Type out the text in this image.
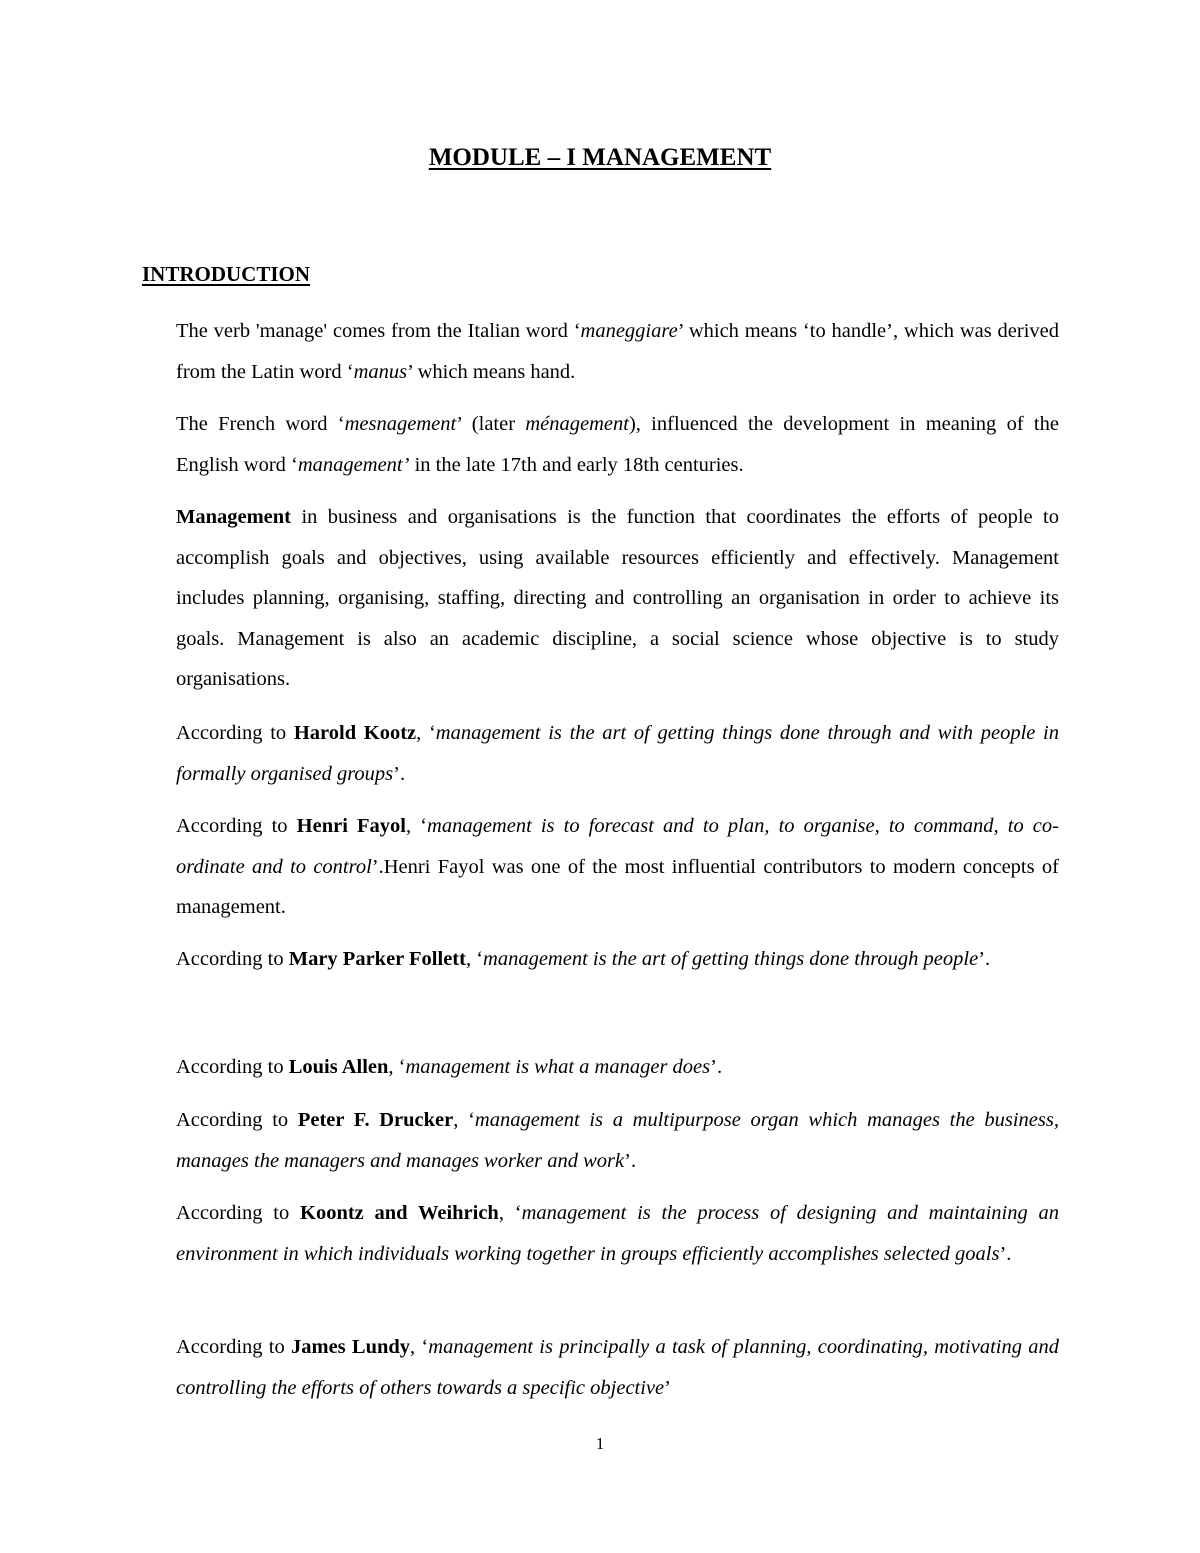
MODULE – I MANAGEMENT
INTRODUCTION

The verb 'manage' comes from the Italian word ‘maneggiare’ which means ‘to handle’, which was derived from the Latin word ‘manus’ which means hand.

The French word ‘mesnagement’ (later ménagement), influenced the development in meaning of the English word ‘management’ in the late 17th and early 18th centuries.

Management in business and organisations is the function that coordinates the efforts of people to accomplish goals and objectives, using available resources efficiently and effectively. Management includes planning, organising, staffing, directing and controlling an organisation in order to achieve its goals. Management is also an academic discipline, a social science whose objective is to study organisations.

According to Harold Kootz, ‘management is the art of getting things done through and with people in formally organised groups’.

According to Henri Fayol, ‘management is to forecast and to plan, to organise, to command, to co-ordinate and to control’.Henri Fayol was one of the most influential contributors to modern concepts of management.

According to Mary Parker Follett, ‘management is the art of getting things done through people’.

According to Louis Allen, ‘management is what a manager does’.

According to Peter F. Drucker, ‘management is a multipurpose organ which manages the business, manages the managers and manages worker and work’.

According to Koontz and Weihrich, ‘management is the process of designing and maintaining an environment in which individuals working together in groups efficiently accomplishes selected goals’.

According to James Lundy, ‘management is principally a task of planning, coordinating, motivating and controlling the efforts of others towards a specific objective’

1
